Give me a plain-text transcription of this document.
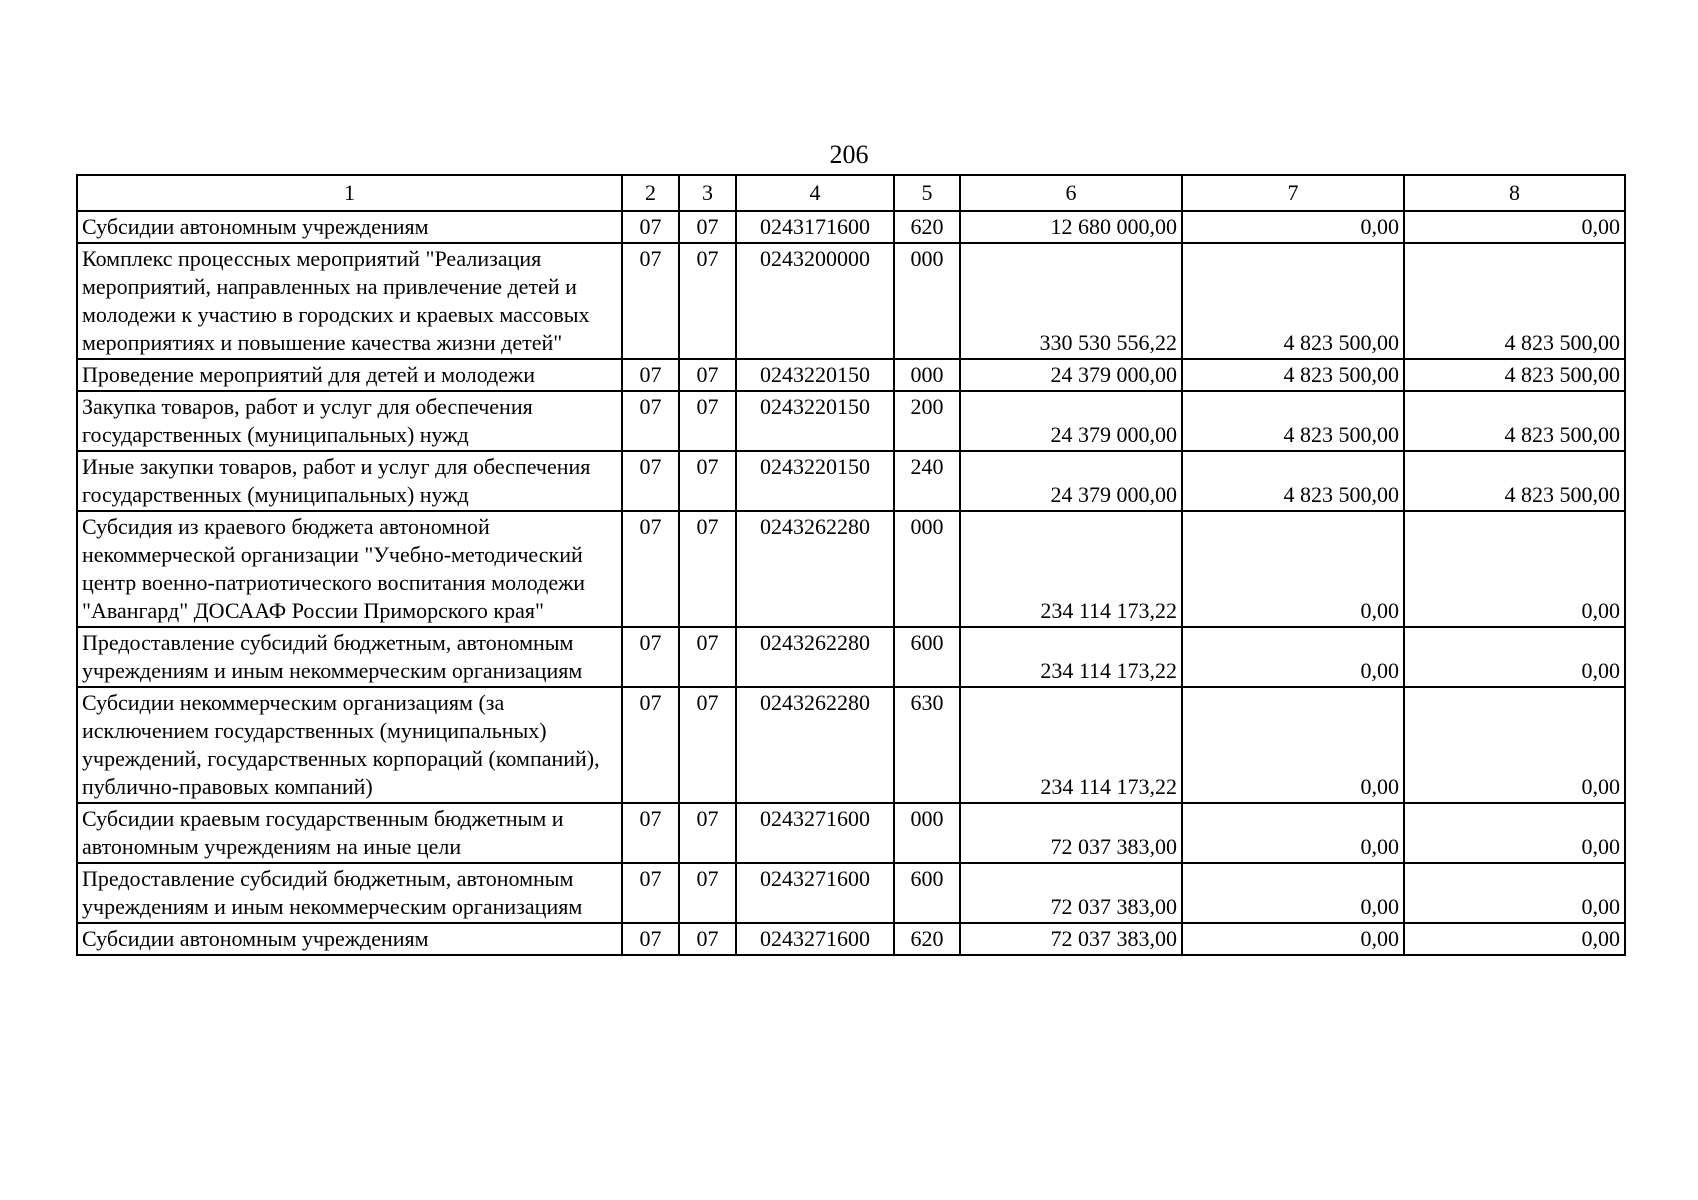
206
1	2	3	4	5	6	7	8
Субсидии автономным учреждениям	07	07	0243171600	620	12 680 000,00	0,00	0,00
Комплекс процессных мероприятий "Реализация мероприятий, направленных на привлечение детей и молодежи к участию в городских и краевых массовых мероприятиях и повышение качества жизни детей"	07	07	0243200000	000	330 530 556,22	4 823 500,00	4 823 500,00
Проведение мероприятий для детей и молодежи	07	07	0243220150	000	24 379 000,00	4 823 500,00	4 823 500,00
Закупка товаров, работ и услуг для обеспечения государственных (муниципальных) нужд	07	07	0243220150	200	24 379 000,00	4 823 500,00	4 823 500,00
Иные закупки товаров, работ и услуг для обеспечения государственных (муниципальных) нужд	07	07	0243220150	240	24 379 000,00	4 823 500,00	4 823 500,00
Субсидия из краевого бюджета автономной некоммерческой организации "Учебно-методический центр военно-патриотического воспитания молодежи "Авангард" ДОСААФ России Приморского края"	07	07	0243262280	000	234 114 173,22	0,00	0,00
Предоставление субсидий бюджетным, автономным учреждениям и иным некоммерческим организациям	07	07	0243262280	600	234 114 173,22	0,00	0,00
Субсидии некоммерческим организациям (за исключением государственных (муниципальных) учреждений, государственных корпораций (компаний), публично-правовых компаний)	07	07	0243262280	630	234 114 173,22	0,00	0,00
Субсидии краевым государственным бюджетным и автономным учреждениям на иные цели	07	07	0243271600	000	72 037 383,00	0,00	0,00
Предоставление субсидий бюджетным, автономным учреждениям и иным некоммерческим организациям	07	07	0243271600	600	72 037 383,00	0,00	0,00
Субсидии автономным учреждениям	07	07	0243271600	620	72 037 383,00	0,00	0,00
